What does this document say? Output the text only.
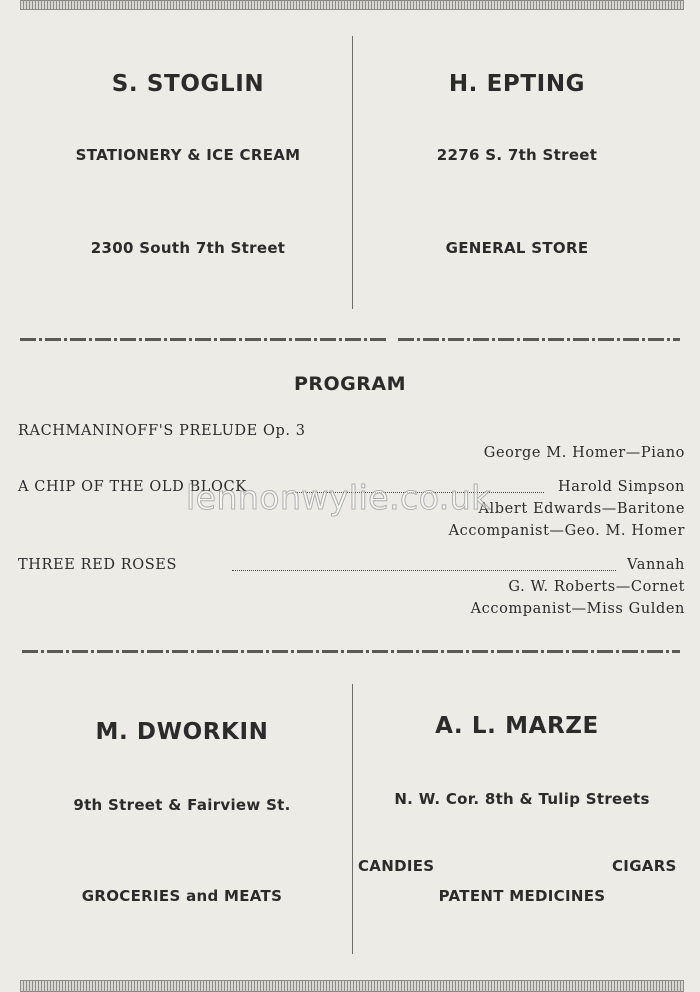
S. STOGLIN
STATIONERY & ICE CREAM
2300 South 7th Street
H. EPTING
2276 S. 7th Street
GENERAL STORE
PROGRAM
RACHMANINOFF'S PRELUDE Op. 3
George M. Homer—Piano
A CHIP OF THE OLD BLOCK	Harold Simpson
Albert Edwards—Baritone
Accompanist—Geo. M. Homer
THREE RED ROSES	Vannah
G. W. Roberts—Cornet
Accompanist—Miss Gulden
lennonwylie.co.uk
M. DWORKIN
9th Street & Fairview St.
GROCERIES and MEATS
A. L. MARZE
N. W. Cor. 8th & Tulip Streets
CANDIES	CIGARS
PATENT MEDICINES
